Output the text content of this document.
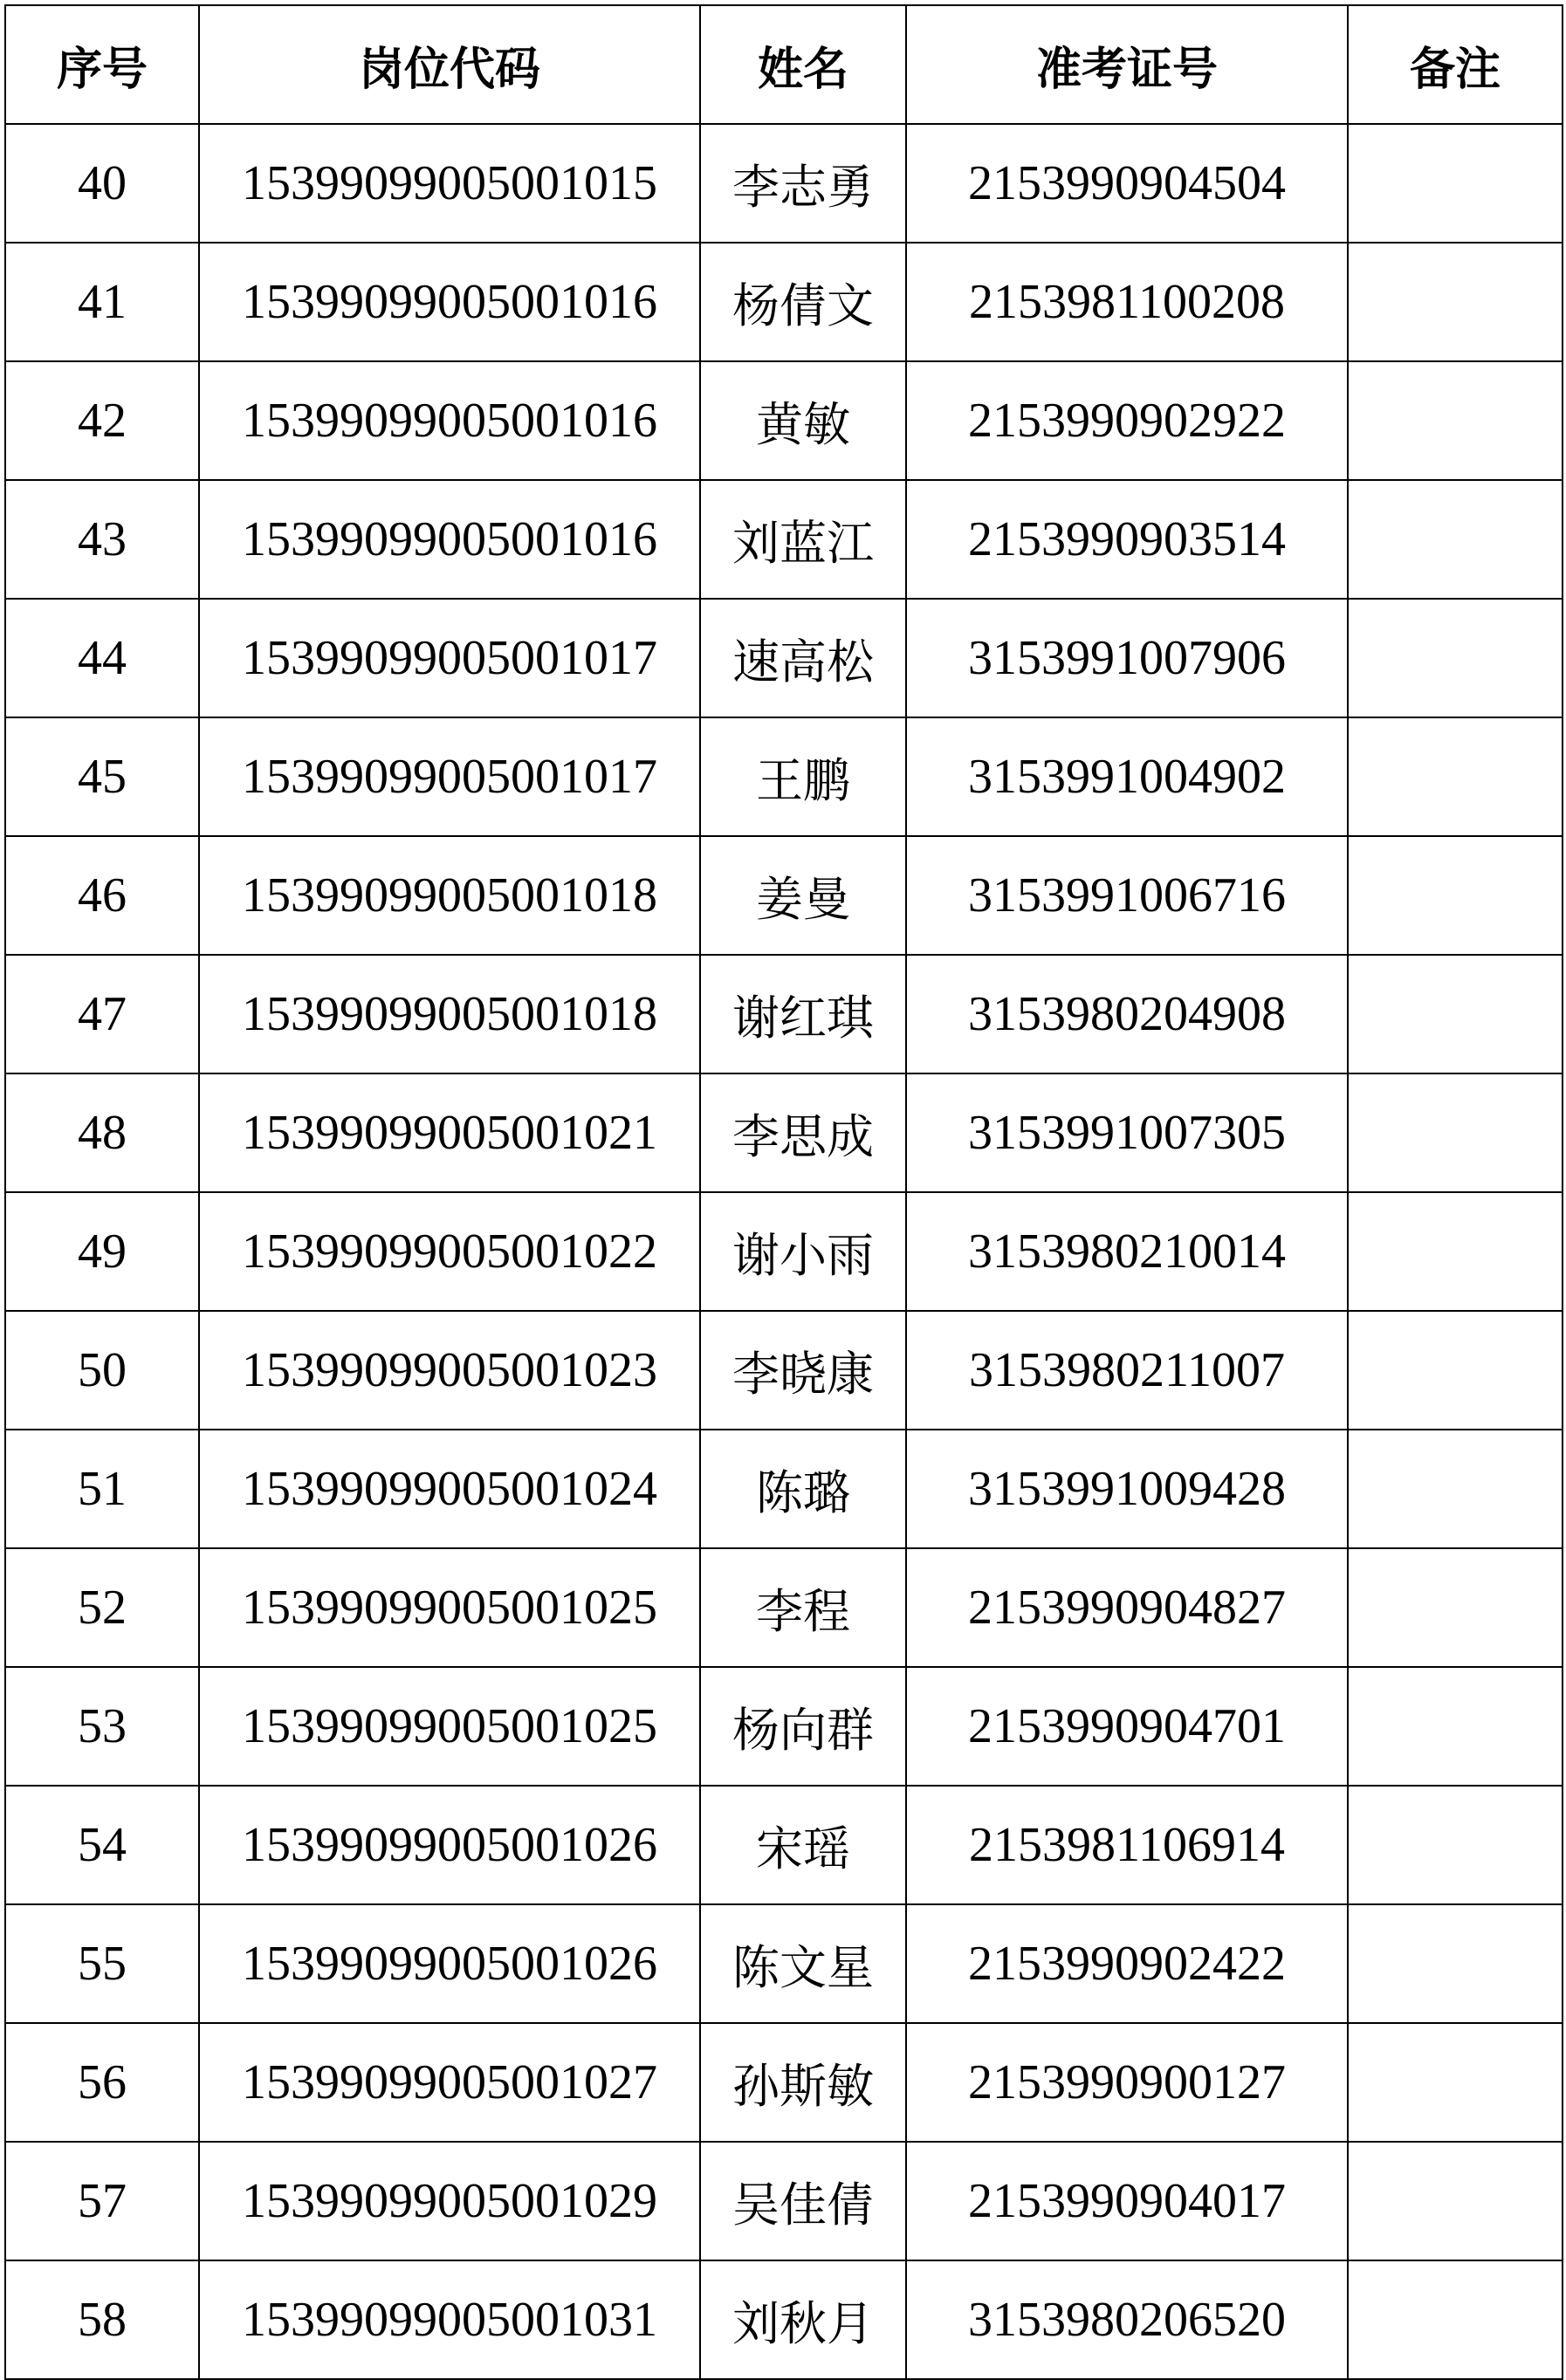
序号	岗位代码	姓名	准考证号	备注
40	15399099005001015	李志勇	2153990904504	
41	15399099005001016	杨倩文	2153981100208	
42	15399099005001016	黄敏	2153990902922	
43	15399099005001016	刘蓝江	2153990903514	
44	15399099005001017	速高松	3153991007906	
45	15399099005001017	王鹏	3153991004902	
46	15399099005001018	姜曼	3153991006716	
47	15399099005001018	谢红琪	3153980204908	
48	15399099005001021	李思成	3153991007305	
49	15399099005001022	谢小雨	3153980210014	
50	15399099005001023	李晓康	3153980211007	
51	15399099005001024	陈璐	3153991009428	
52	15399099005001025	李程	2153990904827	
53	15399099005001025	杨向群	2153990904701	
54	15399099005001026	宋瑶	2153981106914	
55	15399099005001026	陈文星	2153990902422	
56	15399099005001027	孙斯敏	2153990900127	
57	15399099005001029	吴佳倩	2153990904017	
58	15399099005001031	刘秋月	3153980206520	
